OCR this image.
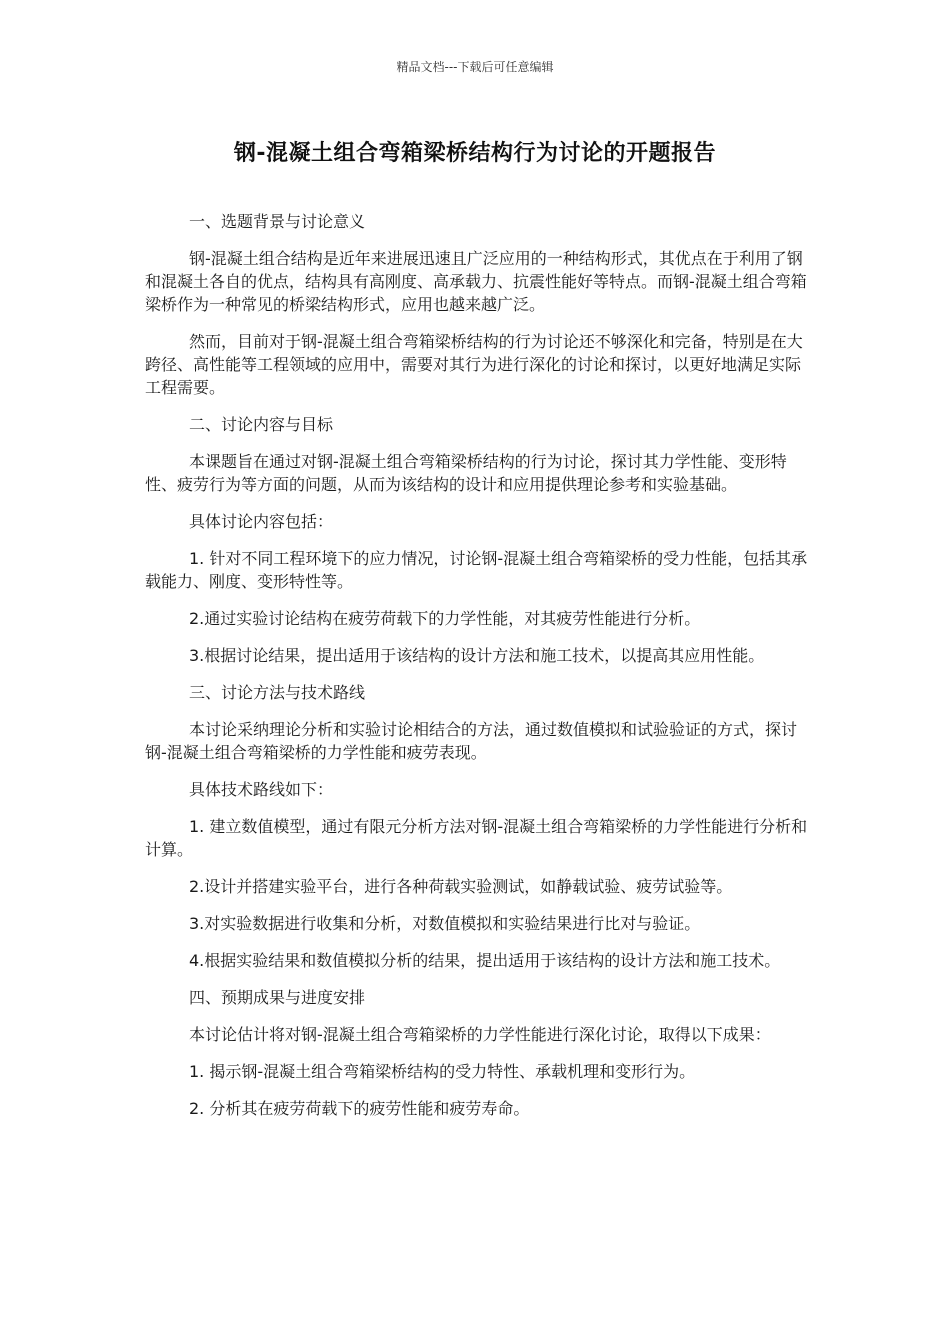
精品文档---下载后可任意编辑
钢-混凝土组合弯箱梁桥结构行为讨论的开题报告

一、选题背景与讨论意义

钢-混凝土组合结构是近年来进展迅速且广泛应用的一种结构形式，其优点在于利用了钢和混凝土各自的优点，结构具有高刚度、高承载力、抗震性能好等特点。而钢-混凝土组合弯箱梁桥作为一种常见的桥梁结构形式，应用也越来越广泛。

然而，目前对于钢-混凝土组合弯箱梁桥结构的行为讨论还不够深化和完备，特别是在大跨径、高性能等工程领域的应用中，需要对其行为进行深化的讨论和探讨，以更好地满足实际工程需要。

二、讨论内容与目标

本课题旨在通过对钢-混凝土组合弯箱梁桥结构的行为讨论，探讨其力学性能、变形特性、疲劳行为等方面的问题，从而为该结构的设计和应用提供理论参考和实验基础。

具体讨论内容包括：

1. 针对不同工程环境下的应力情况，讨论钢-混凝土组合弯箱梁桥的受力性能，包括其承载能力、刚度、变形特性等。

2.通过实验讨论结构在疲劳荷载下的力学性能，对其疲劳性能进行分析。

3.根据讨论结果，提出适用于该结构的设计方法和施工技术，以提高其应用性能。

三、讨论方法与技术路线

本讨论采纳理论分析和实验讨论相结合的方法，通过数值模拟和试验验证的方式，探讨钢-混凝土组合弯箱梁桥的力学性能和疲劳表现。

具体技术路线如下：

1. 建立数值模型，通过有限元分析方法对钢-混凝土组合弯箱梁桥的力学性能进行分析和计算。

2.设计并搭建实验平台，进行各种荷载实验测试，如静载试验、疲劳试验等。

3.对实验数据进行收集和分析，对数值模拟和实验结果进行比对与验证。

4.根据实验结果和数值模拟分析的结果，提出适用于该结构的设计方法和施工技术。

四、预期成果与进度安排

本讨论估计将对钢-混凝土组合弯箱梁桥的力学性能进行深化讨论，取得以下成果：

1. 揭示钢-混凝土组合弯箱梁桥结构的受力特性、承载机理和变形行为。

2. 分析其在疲劳荷载下的疲劳性能和疲劳寿命。
